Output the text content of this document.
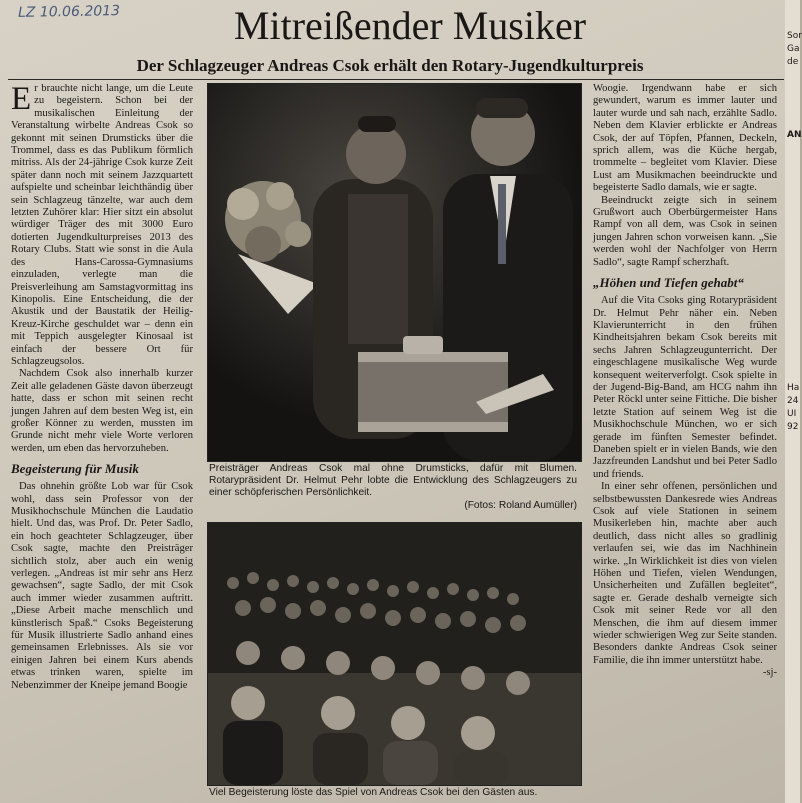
LZ 10.06.2013	Mitreißender Musiker
Der Schlagzeuger Andreas Csok erhält den Rotary-Jugendkulturpreis

Er brauchte nicht lange, um die Leute zu begeistern. Schon bei der musikalischen Einleitung der Veranstaltung wirbelte Andreas Csok so gekonnt mit seinen Drumsticks über die Trommel, dass es das Publikum förmlich mitriss. Als der 24-jährige Csok kurze Zeit später dann noch mit seinem Jazzquartett aufspielte und scheinbar leichthändig über sein Schlagzeug tänzelte, war auch dem letzten Zuhörer klar: Hier sitzt ein absolut würdiger Träger des mit 3000 Euro dotierten Jugendkulturpreises 2013 des Rotary Clubs. Statt wie sonst in die Aula des Hans-Carossa-Gymnasiums einzuladen, verlegte man die Preisverleihung am Samstagvormittag ins Kinopolis. Eine Entscheidung, die der Akustik und der Baustatik der Heilig-Kreuz-Kirche geschuldet war – denn ein mit Teppich ausgelegter Kinosaal ist einfach der bessere Ort für Schlagzeugsolos.

Nachdem Csok also innerhalb kurzer Zeit alle geladenen Gäste davon überzeugt hatte, dass er schon mit seinen recht jungen Jahren auf dem besten Weg ist, ein großer Könner zu werden, mussten im Grunde nicht mehr viele Worte verloren werden, um eben das hervorzuheben.

Begeisterung für Musik

Das ohnehin größte Lob war für Csok wohl, dass sein Professor von der Musikhochschule München die Laudatio hielt. Und das, was Prof. Dr. Peter Sadlo, ein hoch geachteter Schlagzeuger, über Csok sagte, machte den Preisträger sichtlich stolz, aber auch ein wenig verlegen. „Andreas ist mir sehr ans Herz gewachsen“, sagte Sadlo, der mit Csok auch immer wieder zusammen auftritt. „Diese Arbeit mache menschlich und künstlerisch Spaß.“ Csoks Begeisterung für Musik illustrierte Sadlo anhand eines gemeinsamen Erlebnisses. Als sie vor einigen Jahren bei einem Kurs abends etwas trinken waren, spielte im Nebenzimmer der Kneipe jemand Boogie

Preisträger Andreas Csok mal ohne Drumsticks, dafür mit Blumen. Rotarypräsident Dr. Helmut Pehr lobte die Entwicklung des Schlagzeugers zu einer schöpferischen Persönlichkeit.
(Fotos: Roland Aumüller)
Viel Begeisterung löste das Spiel von Andreas Csok bei den Gästen aus.

Woogie. Irgendwann habe er sich gewundert, warum es immer lauter und lauter wurde und sah nach, erzählte Sadlo. Neben dem Klavier erblickte er Andreas Csok, der auf Töpfen, Pfannen, Deckeln, sprich allem, was die Küche hergab, trommelte – begleitet vom Klavier. Diese Lust am Musikmachen beeindruckte und begeisterte Sadlo damals, wie er sagte.

Beeindruckt zeigte sich in seinem Grußwort auch Oberbürgermeister Hans Rampf von all dem, was Csok in seinen jungen Jahren schon vorweisen kann. „Sie werden wohl der Nachfolger von Herrn Sadlo“, sagte Rampf scherzhaft.

„Höhen und Tiefen gehabt“

Auf die Vita Csoks ging Rotarypräsident Dr. Helmut Pehr näher ein. Neben Klavierunterricht in den frühen Kindheitsjahren bekam Csok bereits mit sechs Jahren Schlagzeugunterricht. Der eingeschlagene musikalische Weg wurde konsequent weiterverfolgt. Csok spielte in der Jugend-Big-Band, am HCG nahm ihn Peter Röckl unter seine Fittiche. Die bisher letzte Station auf seinem Weg ist die Musikhochschule München, wo er sich gerade im fünften Semester befindet. Daneben spielt er in vielen Bands, wie den Jazzfreunden Landshut und bei Peter Sadlo und friends.

In einer sehr offenen, persönlichen und selbstbewussten Dankesrede wies Andreas Csok auf viele Stationen in seinem Musikerleben hin, machte aber auch deutlich, dass nicht alles so gradlinig verlaufen sei, wie das im Nachhinein wirke. „In Wirklichkeit ist dies von vielen Höhen und Tiefen, vielen Wendungen, Unsicherheiten und Zufällen begleitet“, sagte er. Gerade deshalb verneigte sich Csok mit seiner Rede vor all den Menschen, die ihm auf diesem immer wieder schwierigen Weg zur Seite standen. Besonders dankte Andreas Csok seiner Familie, die ihn immer unterstützt habe.

-sj-
Sor
Ga
de
AN
Ha
24
UI
92
